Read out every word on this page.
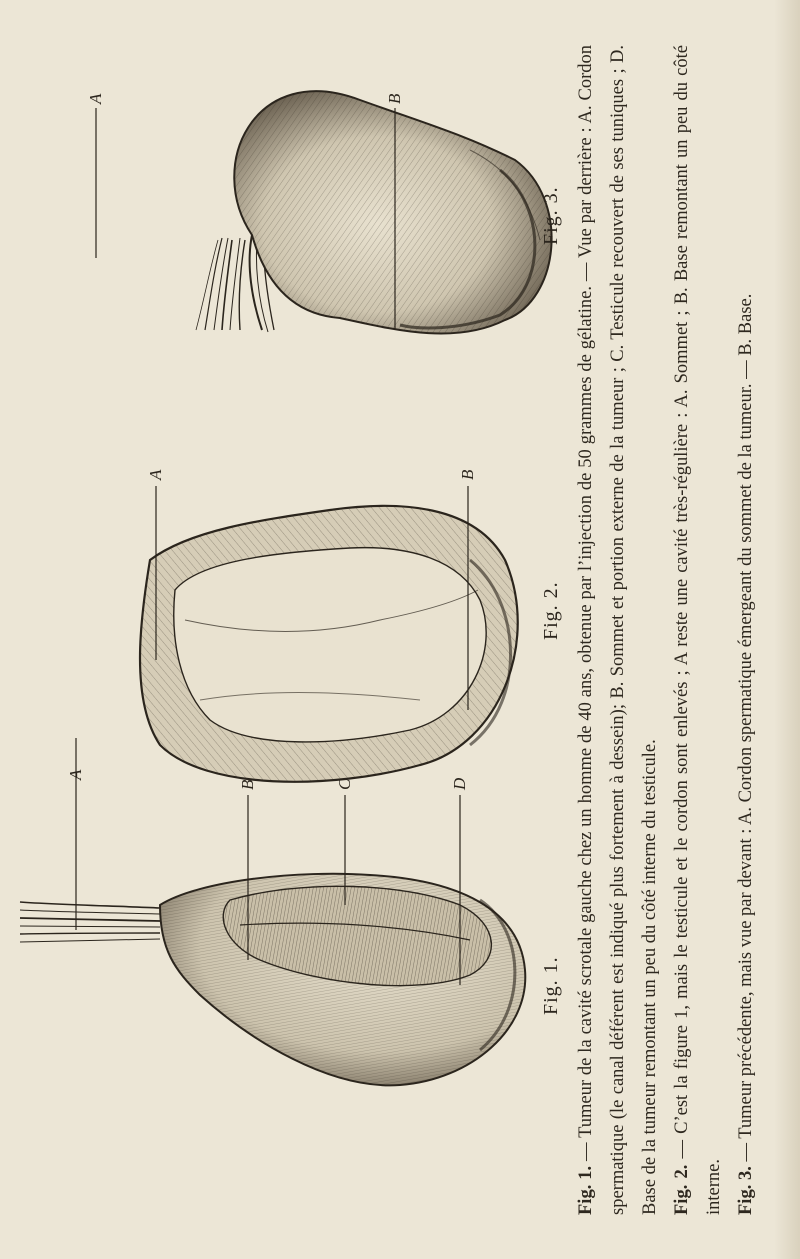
A	B
A	B
A
B	C	D
Fig. 1.
Fig. 2.
Fig. 3.

Fig. 1. — Tumeur de la cavité scrotale gauche chez un homme de 40 ans, obtenue par l’injection de 50 grammes de gélatine. — Vue par derrière : A. Cordon spermatique (le canal déférent est indiqué plus fortement à dessein); B. Sommet et portion externe de la tumeur ; C. Testicule recouvert de ses tuniques ; D. Base de la tumeur remontant un peu du côté interne du testicule. Fig. 2. — C’est la figure 1, mais le testicule et le cordon sont enlevés ; A reste une cavité très-régulière : A. Sommet ; B. Base remontant un peu du côté interne. Fig. 3. — Tumeur précédente, mais vue par devant : A. Cordon spermatique émergeant du sommet de la tumeur. — B. Base.
